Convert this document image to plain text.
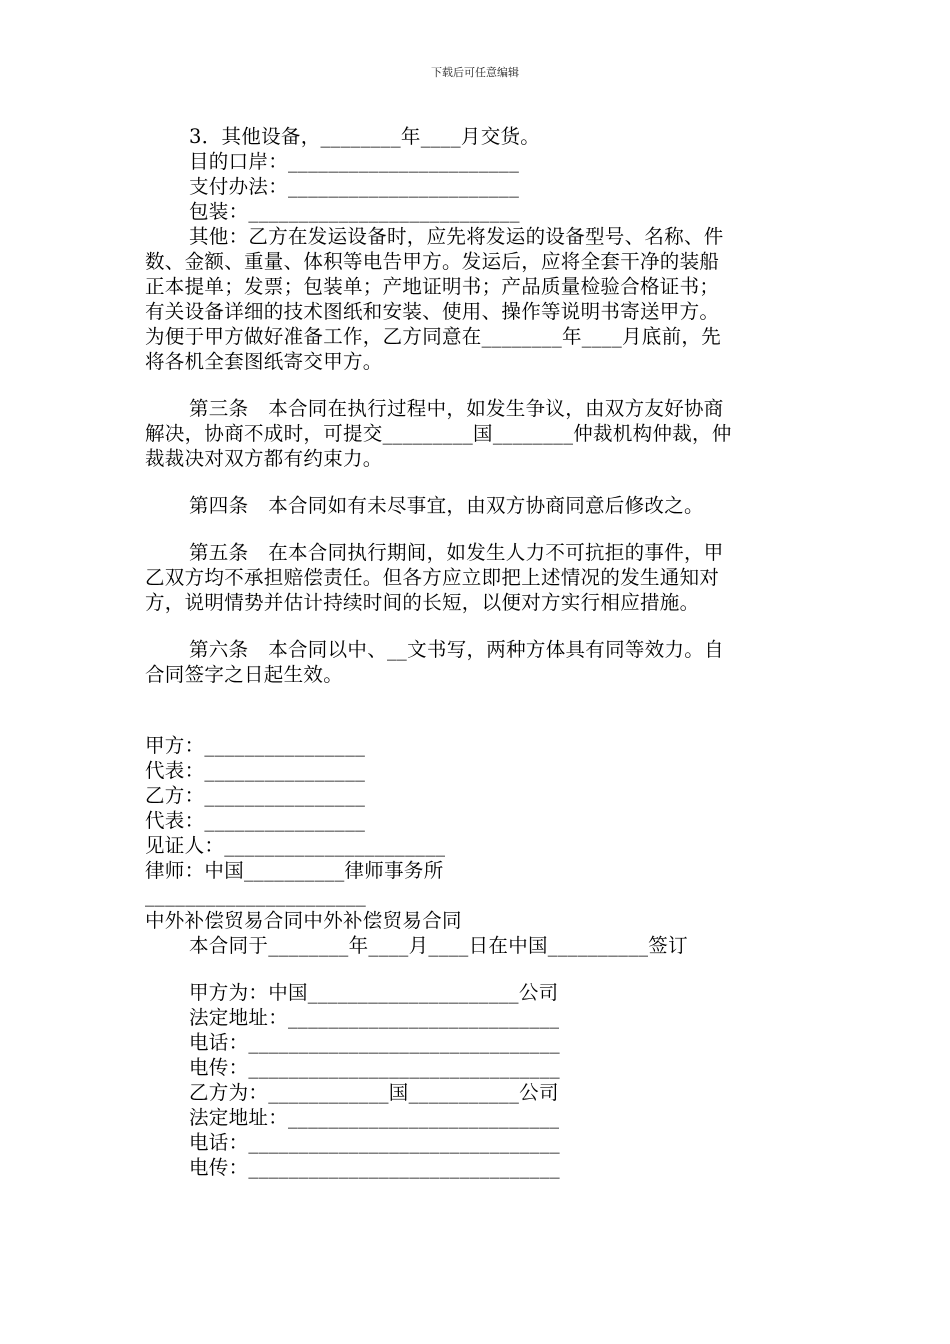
下载后可任意编辑
3．其他设备，________年____月交货。
目的口岸：_______________________
支付办法：_______________________
包装：___________________________
其他：乙方在发运设备时，应先将发运的设备型号、名称、件
数、金额、重量、体积等电告甲方。发运后，应将全套干净的装船
正本提单；发票；包装单；产地证明书；产品质量检验合格证书；
有关设备详细的技术图纸和安装、使用、操作等说明书寄送甲方。
为便于甲方做好准备工作，乙方同意在________年____月底前，先
将各机全套图纸寄交甲方。
第三条　本合同在执行过程中，如发生争议，由双方友好协商
解决，协商不成时，可提交_________国________仲裁机构仲裁，仲
裁裁决对双方都有约束力。
第四条　本合同如有未尽事宜，由双方协商同意后修改之。
第五条　在本合同执行期间，如发生人力不可抗拒的事件，甲
乙双方均不承担赔偿责任。但各方应立即把上述情况的发生通知对
方，说明情势并估计持续时间的长短，以便对方实行相应措施。
第六条　本合同以中、__文书写，两种方体具有同等效力。自
合同签字之日起生效。
甲方：________________
代表：________________
乙方：________________
代表：________________
见证人：______________________
律师：中国__________律师事务所
______________________
中外补偿贸易合同中外补偿贸易合同
本合同于________年____月____日在中国__________签订
甲方为：中国_____________________公司
法定地址：___________________________
电话：_______________________________
电传：_______________________________
乙方为：____________国___________公司
法定地址：___________________________
电话：_______________________________
电传：_______________________________
